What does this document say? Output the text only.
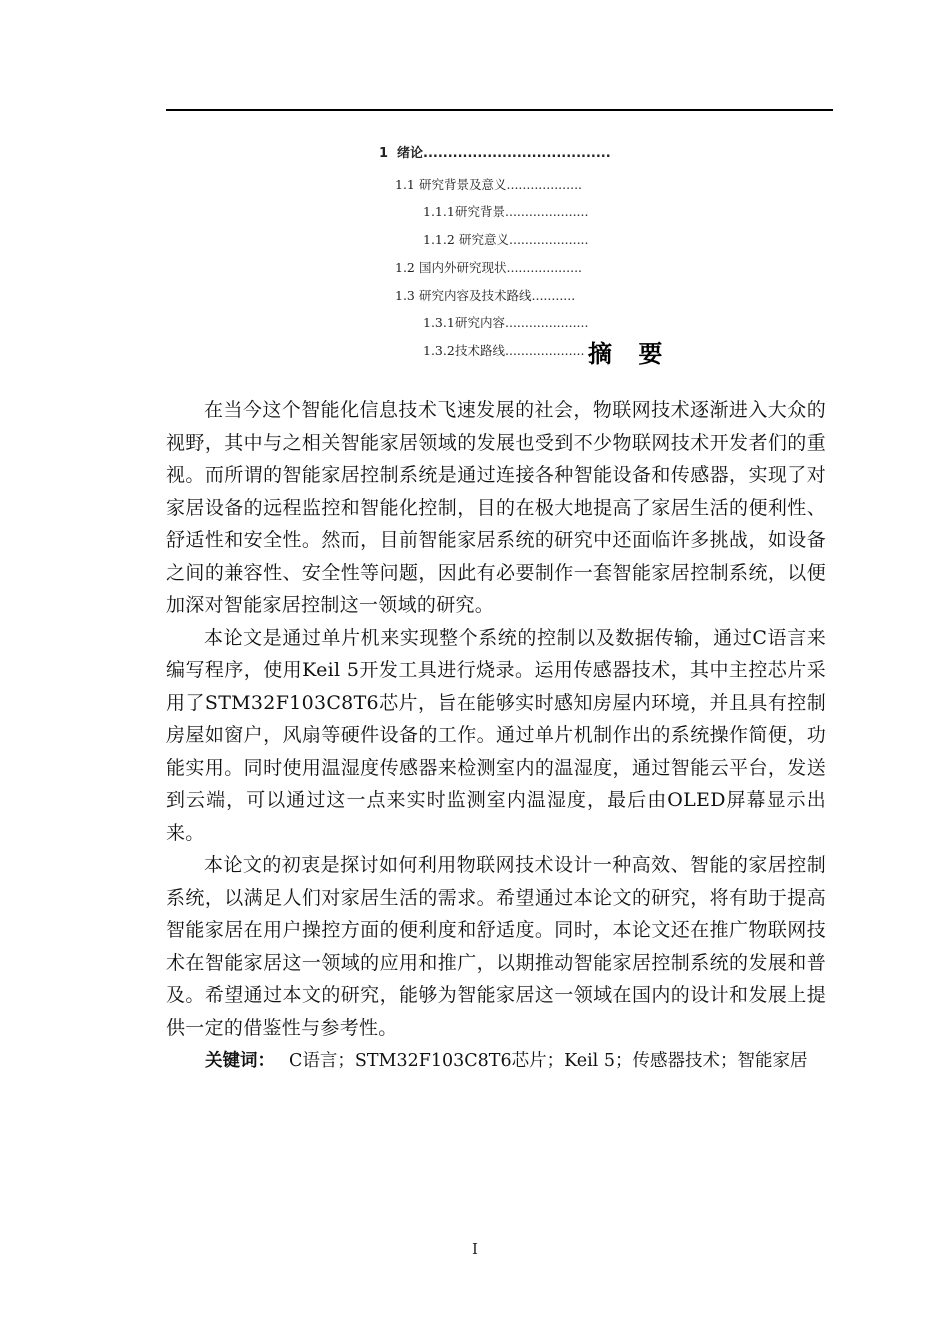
1 绪论......................................
1.1 研究背景及意义...................
1.1.1研究背景.....................
1.1.2 研究意义....................
1.2 国内外研究现状...................
1.3 研究内容及技术路线...........
1.3.1研究内容.....................
1.3.2技术路线.................... 摘 要

在当今这个智能化信息技术飞速发展的社会，物联网技术逐渐进入大众的视野，其中与之相关智能家居领域的发展也受到不少物联网技术开发者们的重视。而所谓的智能家居控制系统是通过连接各种智能设备和传感器，实现了对家居设备的远程监控和智能化控制，目的在极大地提高了家居生活的便利性、舒适性和安全性。然而，目前智能家居系统的研究中还面临许多挑战，如设备之间的兼容性、安全性等问题，因此有必要制作一套智能家居控制系统，以便加深对智能家居控制这一领域的研究。

本论文是通过单片机来实现整个系统的控制以及数据传输，通过C语言来编写程序，使用Keil 5开发工具进行烧录。运用传感器技术，其中主控芯片采用了STM32F103C8T6芯片，旨在能够实时感知房屋内环境，并且具有控制房屋如窗户，风扇等硬件设备的工作。通过单片机制作出的系统操作简便，功能实用。同时使用温湿度传感器来检测室内的温湿度，通过智能云平台，发送到云端，可以通过这一点来实时监测室内温湿度，最后由OLED屏幕显示出来。

本论文的初衷是探讨如何利用物联网技术设计一种高效、智能的家居控制系统，以满足人们对家居生活的需求。希望通过本论文的研究，将有助于提高智能家居在用户操控方面的便利度和舒适度。同时，本论文还在推广物联网技术在智能家居这一领域的应用和推广，以期推动智能家居控制系统的发展和普及。希望通过本文的研究，能够为智能家居这一领域在国内的设计和发展上提供一定的借鉴性与参考性。

关键词： C语言；STM32F103C8T6芯片；Keil 5；传感器技术；智能家居
I
